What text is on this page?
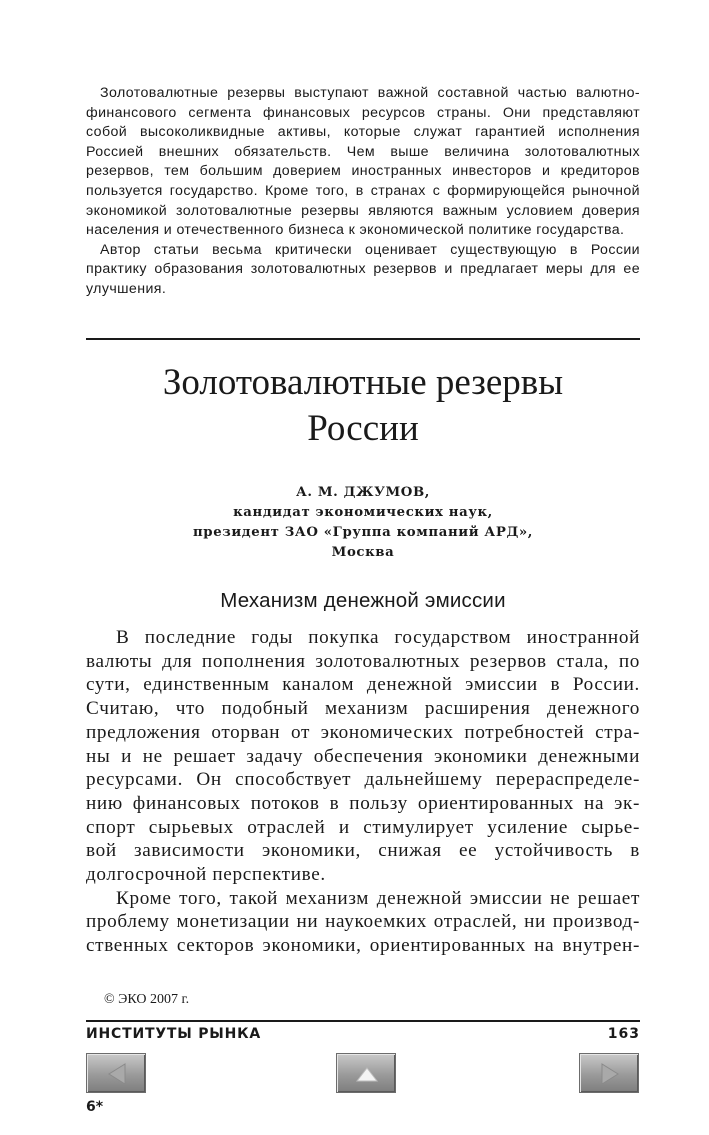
Золотовалютные резервы выступают важной составной частью валютно-финансового сегмента финансовых ресурсов страны. Они представляют собой высоколиквидные активы, которые служат гарантией исполнения Россией внешних обязательств. Чем выше величина золотовалютных резервов, тем большим доверием иностранных инвесторов и кредиторов пользуется государство. Кроме того, в странах с формирующейся рыночной экономикой золотовалютные резервы являются важным условием доверия населения и отечественного бизнеса к экономической политике государства.

Автор статьи весьма критически оценивает существующую в России практику образования золотовалютных резервов и предлагает меры для ее улучшения.

Золотовалютные резервы
России
А. М. ДЖУМОВ,
кандидат экономических наук,
президент ЗАО «Группа компаний АРД»,
Москва
Механизм денежной эмиссии
В последние годы покупка государством иностранной
валюты для пополнения золотовалютных резервов стала, по
сути, единственным каналом денежной эмиссии в России.
Считаю, что подобный механизм расширения денежного
предложения оторван от экономических потребностей стра-
ны и не решает задачу обеспечения экономики денежными
ресурсами. Он способствует дальнейшему перераспределе-
нию финансовых потоков в пользу ориентированных на эк-
спорт сырьевых отраслей и стимулирует усиление сырье-
вой зависимости экономики, снижая ее устойчивость в
долгосрочной перспективе.
Кроме того, такой механизм денежной эмиссии не решает
проблему монетизации ни наукоемких отраслей, ни производ-
ственных секторов экономики, ориентированных на внутрен-
© ЭКО 2007 г.
ИНСТИТУТЫ РЫНКА	163
6*
